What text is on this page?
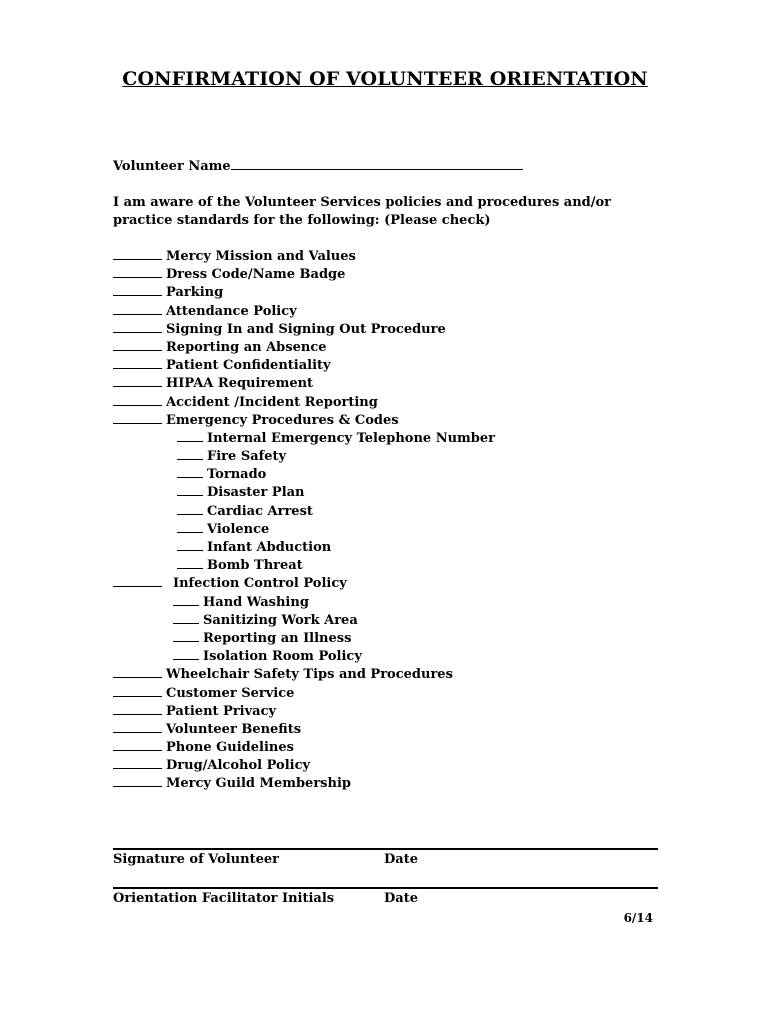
CONFIRMATION OF VOLUNTEER ORIENTATION
Volunteer Name
I am aware of the Volunteer Services policies and procedures and/or practice standards for the following: (Please check)
Mercy Mission and Values
Dress Code/Name Badge
Parking
Attendance Policy
Signing In and Signing Out Procedure
Reporting an Absence
Patient Confidentiality
HIPAA Requirement
Accident /Incident Reporting
Emergency Procedures & Codes
Internal Emergency Telephone Number
Fire Safety
Tornado
Disaster Plan
Cardiac Arrest
Violence
Infant Abduction
Bomb Threat
Infection Control Policy
Hand Washing
Sanitizing Work Area
Reporting an Illness
Isolation Room Policy
Wheelchair Safety Tips and Procedures
Customer Service
Patient Privacy
Volunteer Benefits
Phone Guidelines
Drug/Alcohol Policy
Mercy Guild Membership
Signature of Volunteer	Date
Orientation Facilitator Initials	Date
6/14
